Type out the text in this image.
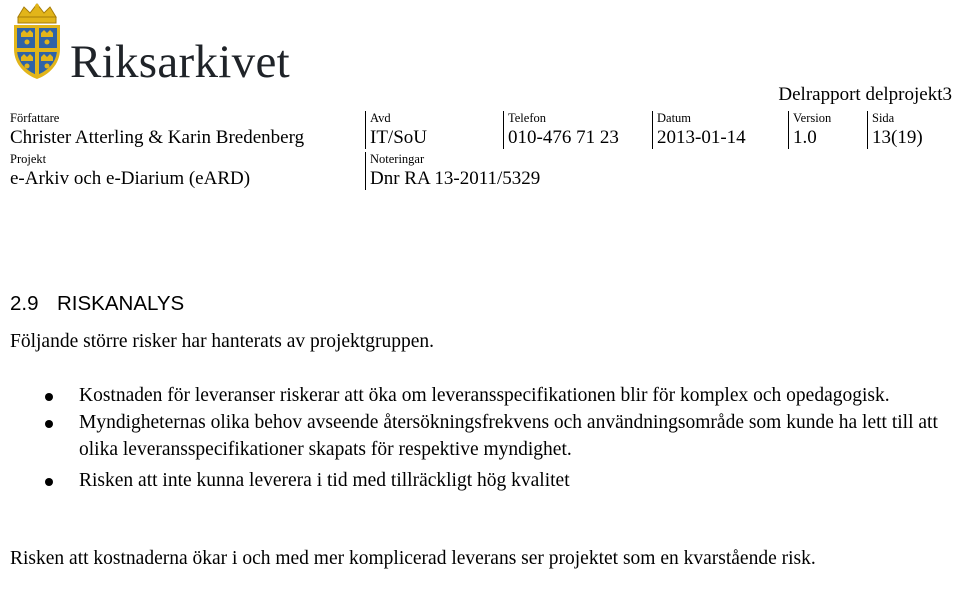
Riksarkivet
Delrapport delprojekt3
Författare
Christer Atterling & Karin Bredenberg
Avd
IT/SoU
Telefon
010-476 71 23
Datum
2013-01-14
Version
1.0
Sida
13(19)
Projekt
e-Arkiv och e-Diarium (eARD)
Noteringar
Dnr RA 13-2011/5329
2.9 RISKANALYS
Följande större risker har hanterats av projektgruppen.
Kostnaden för leveranser riskerar att öka om leveransspecifikationen blir för komplex och opedagogisk.
Myndigheternas olika behov avseende återsökningsfrekvens och användningsområde som kunde ha lett till att olika leveransspecifikationer skapats för respektive myndighet.
Risken att inte kunna leverera i tid med tillräckligt hög kvalitet
Risken att kostnaderna ökar i och med mer komplicerad leverans ser projektet som en kvarstående risk.
